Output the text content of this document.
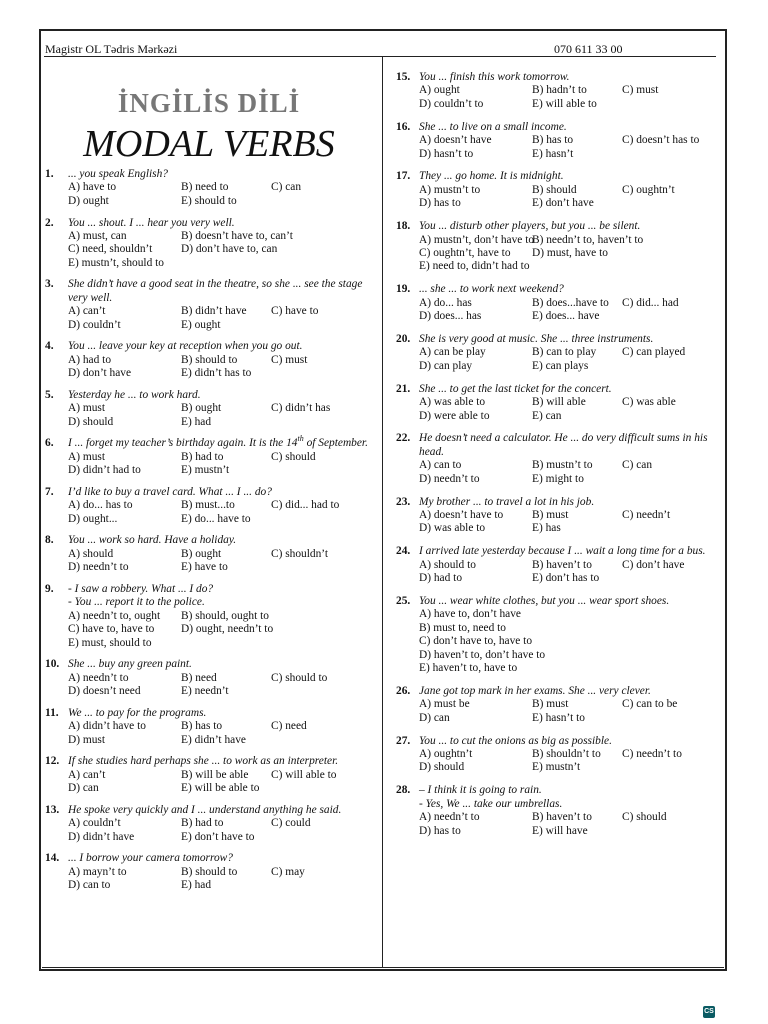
Magistr OL Tədris Mərkəzi	070 611 33 00
İNGİLİS DİLİ
MODAL VERBS
1.	... you speak English?
A) have to	B) need to	C) can
D) ought	E) should to
2.	You ... shout. I ... hear you very well.
A) must, can	B) doesn’t have to, can’t
C) need, shouldn’t	D) don’t have to, can
E) mustn’t, should to
3.	She didn’t have a good seat in the theatre, so she ... see the stage very well.
A) can’t	B) didn’t have	C) have to
D) couldn’t	E) ought
4.	You ... leave your key at reception when you go out.
A) had to	B) should to	C) must
D) don’t have	E) didn’t has to
5.	Yesterday he ... to work hard.
A) must	B) ought	C) didn’t has
D) should	E) had
6.	I ... forget my teacher’s birthday again. It is the 14th of September.
A) must	B) had to	C) should
D) didn’t had to	E) mustn’t
7.	I’d like to buy a travel card. What ... I ... do?
A) do... has to	B) must...to	C) did... had to
D) ought...	E) do... have to
8.	You ... work so hard. Have a holiday.
A) should	B) ought	C) shouldn’t
D) needn’t to	E) have to
9.	- I saw a robbery. What ... I do?
- You ... report it to the police.
A) needn’t to, ought	B) should, ought to
C) have to, have to	D) ought, needn’t to
E) must, should to
10. She ... buy any green paint.
A) needn’t to	B) need	C) should to
D) doesn’t need	E) needn’t
11. We ... to pay for the programs.
A) didn’t have to	B) has to	C) need
D) must	E) didn’t have
12. If she studies hard perhaps she ... to work as an interpreter.
A) can’t	B) will be able	C) will able to
D) can	E) will be able to
13. He spoke very quickly and I ... understand anything he said.
A) couldn’t	B) had to	C) could
D) didn’t have	E) don’t have to
14. ... I borrow your camera tomorrow?
A) mayn’t to	B) should to	C) may
D) can to	E) had
15. You ... finish this work tomorrow.
A) ought	B) hadn’t to	C) must
D) couldn’t to	E) will able to
16. She ... to live on a small income.
A) doesn’t have	B) has to	C) doesn’t has to
D) hasn’t to	E) hasn’t
17. They ... go home. It is midnight.
A) mustn’t to	B) should	C) oughtn’t
D) has to	E) don’t have
18. You ... disturb other players, but you ... be silent.
A) mustn’t, don’t have to
B) needn’t to, haven’t to
C) oughtn’t, have to	D) must, have to
E) need to, didn’t had to
19. ... she ... to work next weekend?
A) do... has	B) does...have to	C) did... had
D) does... has	E) does... have
20. She is very good at music. She ... three instruments.
A) can be play	B) can to play	C) can played
D) can play	E) can plays
21. She ... to get the last ticket for the concert.
A) was able to	B) will able	C) was able
D) were able to	E) can
22. He doesn’t need a calculator. He ... do very difficult sums in his head.
A) can to	B) mustn’t to	C) can
D) needn’t to	E) might to
23. My brother ... to travel a lot in his job.
A) doesn’t have to	B) must	C) needn’t
D) was able to	E) has
24. I arrived late yesterday because I ... wait a long time for a bus.
A) should to	B) haven’t to	C) don’t have
D) had to	E) don’t has to
25. You ... wear white clothes, but you ... wear sport shoes.
A) have to, don’t have
B) must to, need to
C) don’t have to, have to
D) haven’t to, don’t have to
E) haven’t to, have to
26. Jane got top mark in her exams. She ... very clever.
A) must be	B) must	C) can to be
D) can	E) hasn’t to
27. You ... to cut the onions as big as possible.
A) oughtn’t	B) shouldn’t to	C) needn’t to
D) should	E) mustn’t
28. – I think it is going to rain.
- Yes, We ... take our umbrellas.
A) needn’t to	B) haven’t to	C) should
D) has to	E) will have
CS
